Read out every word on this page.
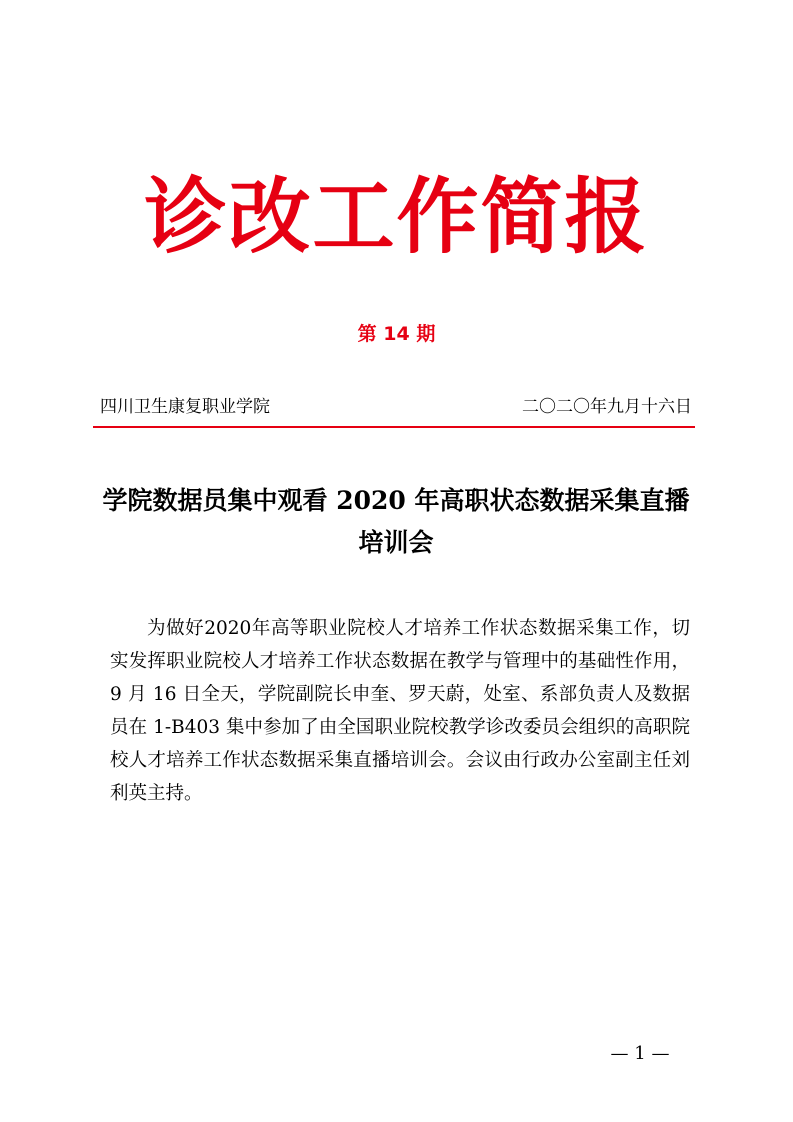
诊改工作简报
第 14 期
四川卫生康复职业学院	二〇二〇年九月十六日
学院数据员集中观看 2020 年高职状态数据采集直播培训会

为做好2020年高等职业院校人才培养工作状态数据采集工作，切实发挥职业院校人才培养工作状态数据在教学与管理中的基础性作用，9 月 16 日全天，学院副院长申奎、罗天蔚，处室、系部负责人及数据员在 1-B403 集中参加了由全国职业院校教学诊改委员会组织的高职院校人才培养工作状态数据采集直播培训会。会议由行政办公室副主任刘利英主持。

— 1 —
